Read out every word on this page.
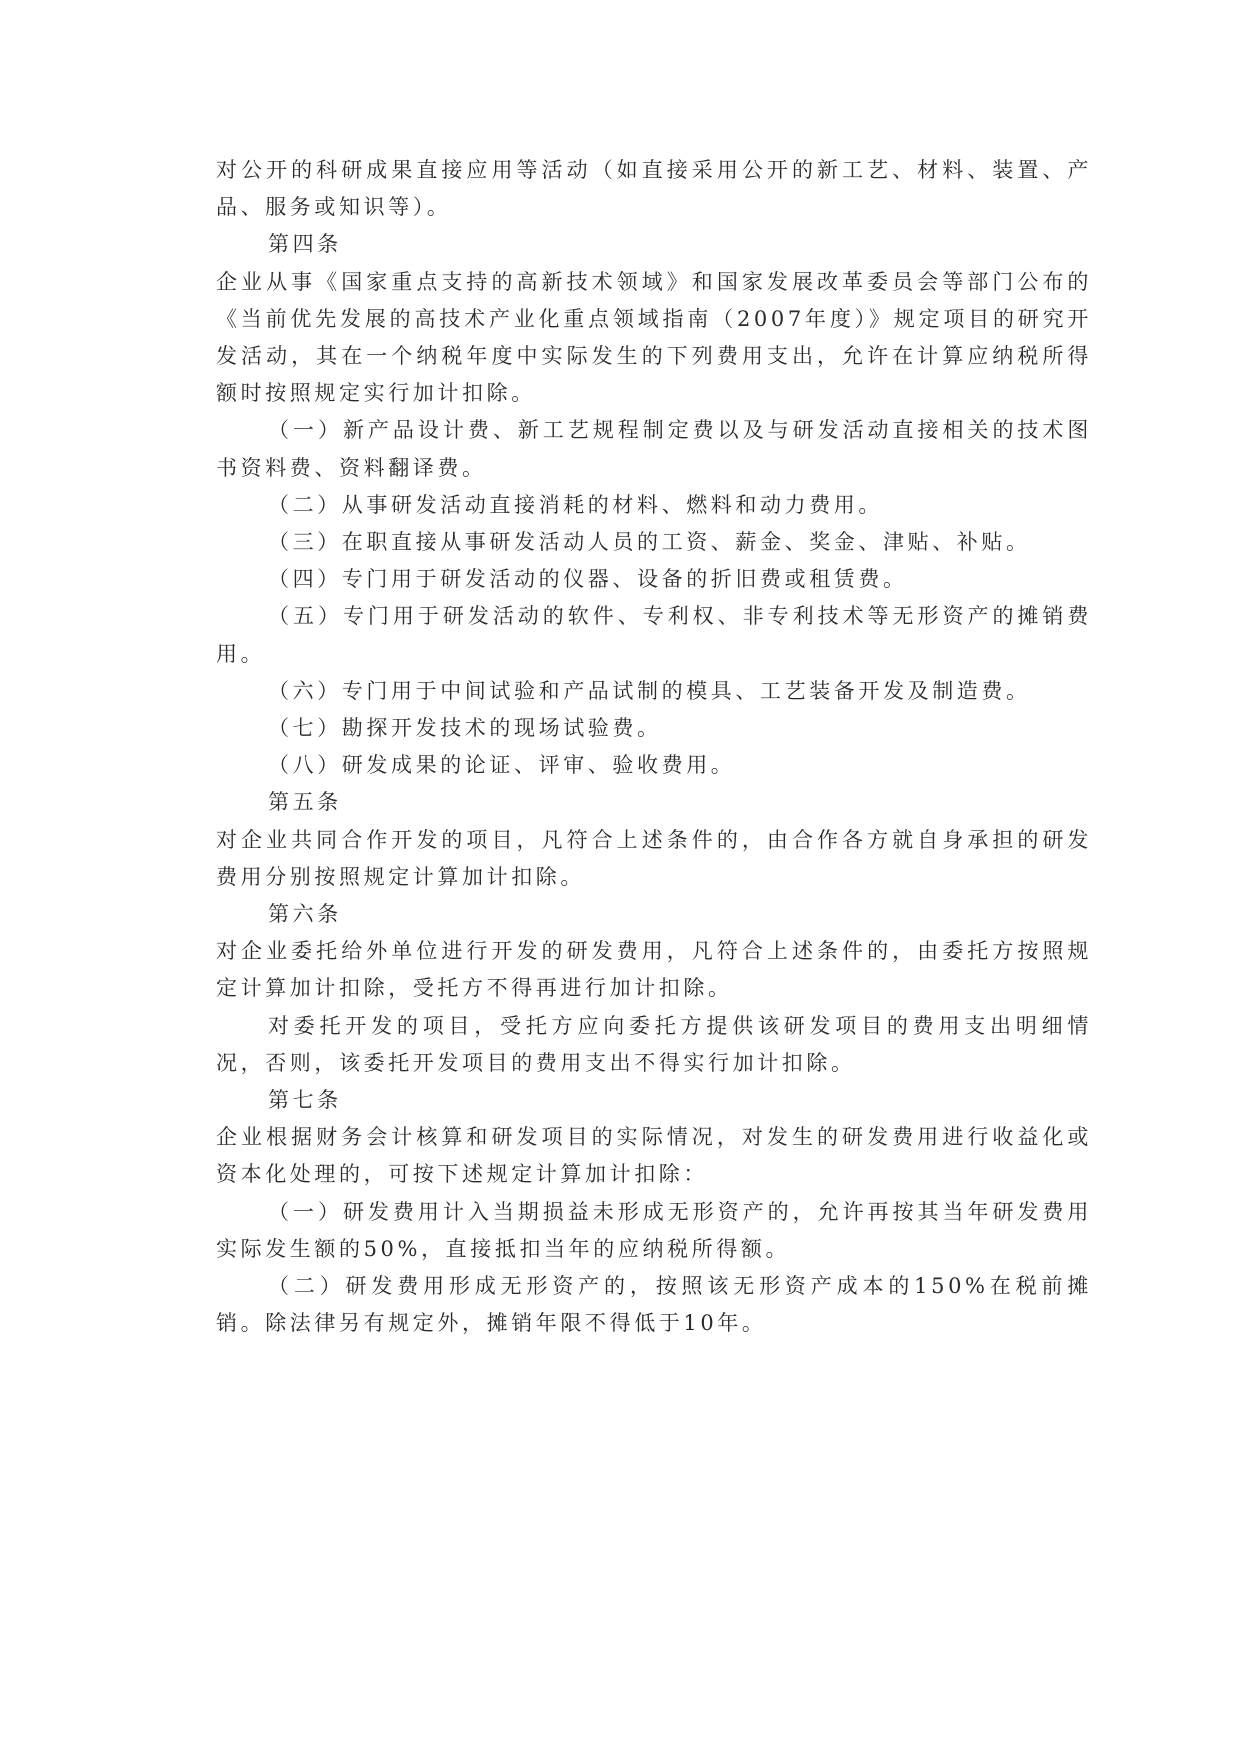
对公开的科研成果直接应用等活动（如直接采用公开的新工艺、材料、装置、产品、服务或知识等）。

第四条

企业从事《国家重点支持的高新技术领域》和国家发展改革委员会等部门公布的《当前优先发展的高技术产业化重点领域指南（2007年度）》规定项目的研究开发活动，其在一个纳税年度中实际发生的下列费用支出，允许在计算应纳税所得额时按照规定实行加计扣除。

（一）新产品设计费、新工艺规程制定费以及与研发活动直接相关的技术图书资料费、资料翻译费。

（二）从事研发活动直接消耗的材料、燃料和动力费用。

（三）在职直接从事研发活动人员的工资、薪金、奖金、津贴、补贴。

（四）专门用于研发活动的仪器、设备的折旧费或租赁费。

（五）专门用于研发活动的软件、专利权、非专利技术等无形资产的摊销费用。

（六）专门用于中间试验和产品试制的模具、工艺装备开发及制造费。

（七）勘探开发技术的现场试验费。

（八）研发成果的论证、评审、验收费用。

第五条

对企业共同合作开发的项目，凡符合上述条件的，由合作各方就自身承担的研发费用分别按照规定计算加计扣除。

第六条

对企业委托给外单位进行开发的研发费用，凡符合上述条件的，由委托方按照规定计算加计扣除，受托方不得再进行加计扣除。

对委托开发的项目，受托方应向委托方提供该研发项目的费用支出明细情况，否则，该委托开发项目的费用支出不得实行加计扣除。

第七条

企业根据财务会计核算和研发项目的实际情况，对发生的研发费用进行收益化或资本化处理的，可按下述规定计算加计扣除：

（一）研发费用计入当期损益未形成无形资产的，允许再按其当年研发费用实际发生额的50%，直接抵扣当年的应纳税所得额。

（二）研发费用形成无形资产的，按照该无形资产成本的150%在税前摊销。除法律另有规定外，摊销年限不得低于10年。
